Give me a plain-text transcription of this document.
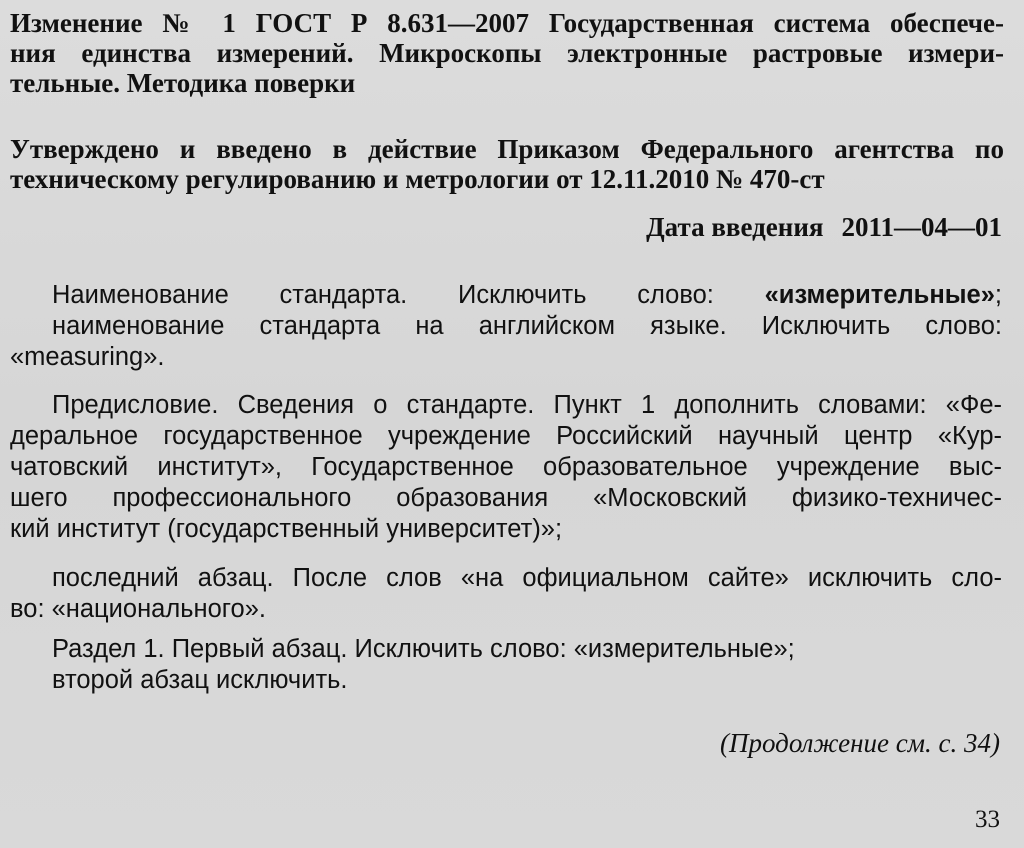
Изменение № 1 ГОСТ Р 8.631—2007 Государственная система обеспече-
ния единства измерений. Микроскопы электронные растровые измери-
тельные. Методика поверки
Утверждено и введено в действие Приказом Федерального агентства по
техническому регулированию и метрологии от 12.11.2010 № 470-ст
Дата введения 2011—04—01
Наименование стандарта. Исключить слово: «измерительные»;
наименование стандарта на английском языке. Исключить слово:
«measuring».
Предисловие. Сведения о стандарте. Пункт 1 дополнить словами: «Фе-
деральное государственное учреждение Российский научный центр «Кур-
чатовский институт», Государственное образовательное учреждение выс-
шего профессионального образования «Московский физико-техничес-
кий институт (государственный университет)»;
последний абзац. После слов «на официальном сайте» исключить сло-
во: «национального».
Раздел 1. Первый абзац. Исключить слово: «измерительные»;
второй абзац исключить.
(Продолжение см. с. 34)
33
